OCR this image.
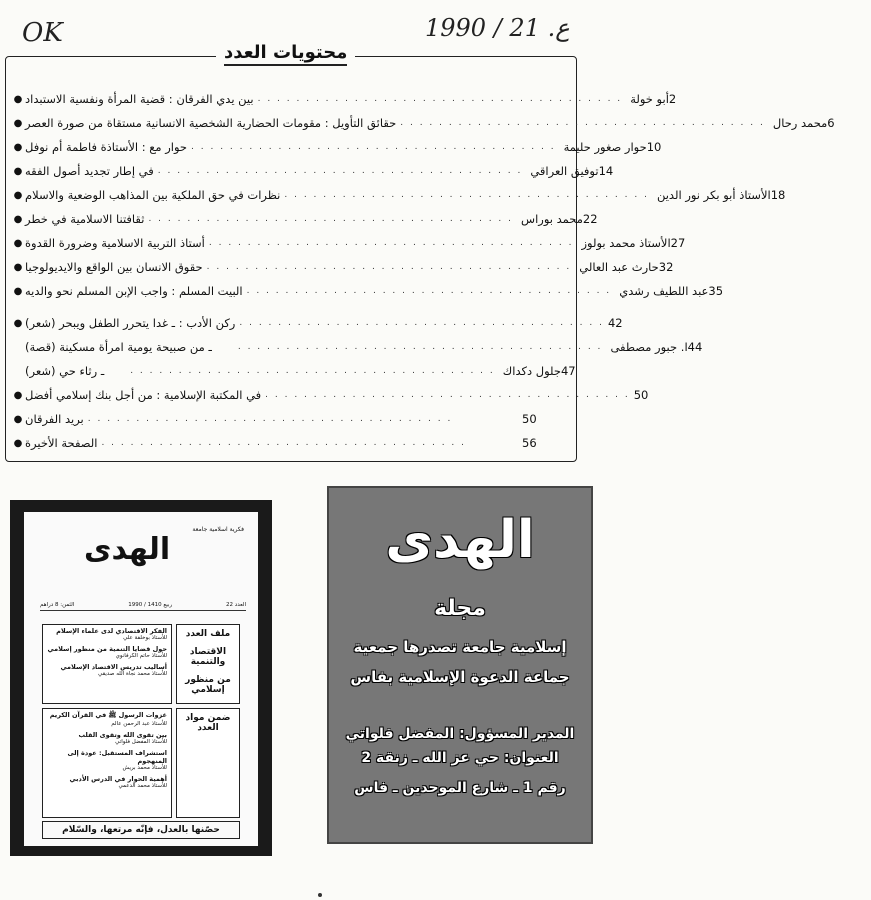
OK	1990 / 21 .ع
محتويات العدد
● بين يدي الفرقان : قضية المرأة ونفسية الاستبداد . . . . . . . . . . . . . . . . . . . . . . . . . . . . . . . . . . . . . . أبو خولة 2
● حقائق التأويل : مقومات الحضارية الشخصية الانسانية مستقاة من صورة العصر . . . . . . . . . . . . . . . . . . . . . . . . . . . . . . . . . . . . . . محمد رحال 6
● حوار مع : الأستاذة فاطمة أم نوفل . . . . . . . . . . . . . . . . . . . . . . . . . . . . . . . . . . . . . . حوار صغور حليمة 10
● في إطار تجديد أصول الفقه . . . . . . . . . . . . . . . . . . . . . . . . . . . . . . . . . . . . . . توفيق العراقي 14
● نظرات في حق الملكية بين المذاهب الوضعية والاسلام . . . . . . . . . . . . . . . . . . . . . . . . . . . . . . . . . . . . . . الأستاذ أبو بكر نور الدين 18
● ثقافتنا الاسلامية في خطر . . . . . . . . . . . . . . . . . . . . . . . . . . . . . . . . . . . . . . محمد بوراس 22
● أستاذ التربية الاسلامية وضرورة القدوة . . . . . . . . . . . . . . . . . . . . . . . . . . . . . . . . . . . . . . الأستاذ محمد بولوز 27
● حقوق الانسان بين الواقع والايديولوجيا . . . . . . . . . . . . . . . . . . . . . . . . . . . . . . . . . . . . . . حارث عبد العالي 32
● البيت المسلم : واجب الإبن المسلم نحو والديه . . . . . . . . . . . . . . . . . . . . . . . . . . . . . . . . . . . . . . عبد اللطيف رشدي 35
● ركن الأدب : ـ غدا يتحرر الطفل ويبحر (شعر) . . . . . . . . . . . . . . . . . . . . . . . . . . . . . . . . . . . . . . 42
ـ من صبيحة يومية امرأة مسكينة (قصة)	. . . . . . . . . . . . . . . . . . . . . . . . . . . . . . . . . . . . . . ا. جبور مصطفى 44
ـ رثاء حي (شعر)	. . . . . . . . . . . . . . . . . . . . . . . . . . . . . . . . . . . . . . جلول دكداك 47
● في المكتبة الإسلامية : من أجل بنك إسلامي أفضل . . . . . . . . . . . . . . . . . . . . . . . . . . . . . . . . . . . . . . 50
● بريد الفرقان . . . . . . . . . . . . . . . . . . . . . . . . . . . . . . . . . . . . . .	50
● الصفحة الأخيرة . . . . . . . . . . . . . . . . . . . . . . . . . . . . . . . . . . . . . .	56
فكرية اسلامية جامعة
الهدى
العدد 22
ربيع 1410 / 1990
الثمن: 8 دراهم
الفكر الاقتصادي لدى علماء الإسلام
للأستاذ بوخلفة علي
حول قضايا التنمية من منظور إسلامي
للأستاذ حاتم الكرفانوي
أساليب تدريس الاقتصاد الإسلامي
للأستاذ محمد نجاة الله صديقي
ملف العدد
الاقتصاد والتنمية
من منظور إسلامي
غزوات الرسول ﷺ في القرآن الكريم
للأستاذ عبد الرحمن عالم
بين تقوى الله وتقوى القلب
للأستاذ المفضل فلواتي
استشراف المستقبل: عودة إلى المنهجوم
للأستاذ محمد بريش
أهمية الحوار في الدرس الأدبي
للأستاذ محمد الدعمي
ضمن مواد العدد
حصّنها بالعدل، فإنّه مرتعها، والسّلام
الهدى
مجلة
إسلامية جامعة تصدرها جمعية
جماعة الدعوة الإسلامية بفاس
المدير المسؤول: المفضل فلواتي
العنوان: حي عز الله ـ زنقة 2
رقم 1 ـ شارع الموحدين ـ فاس
